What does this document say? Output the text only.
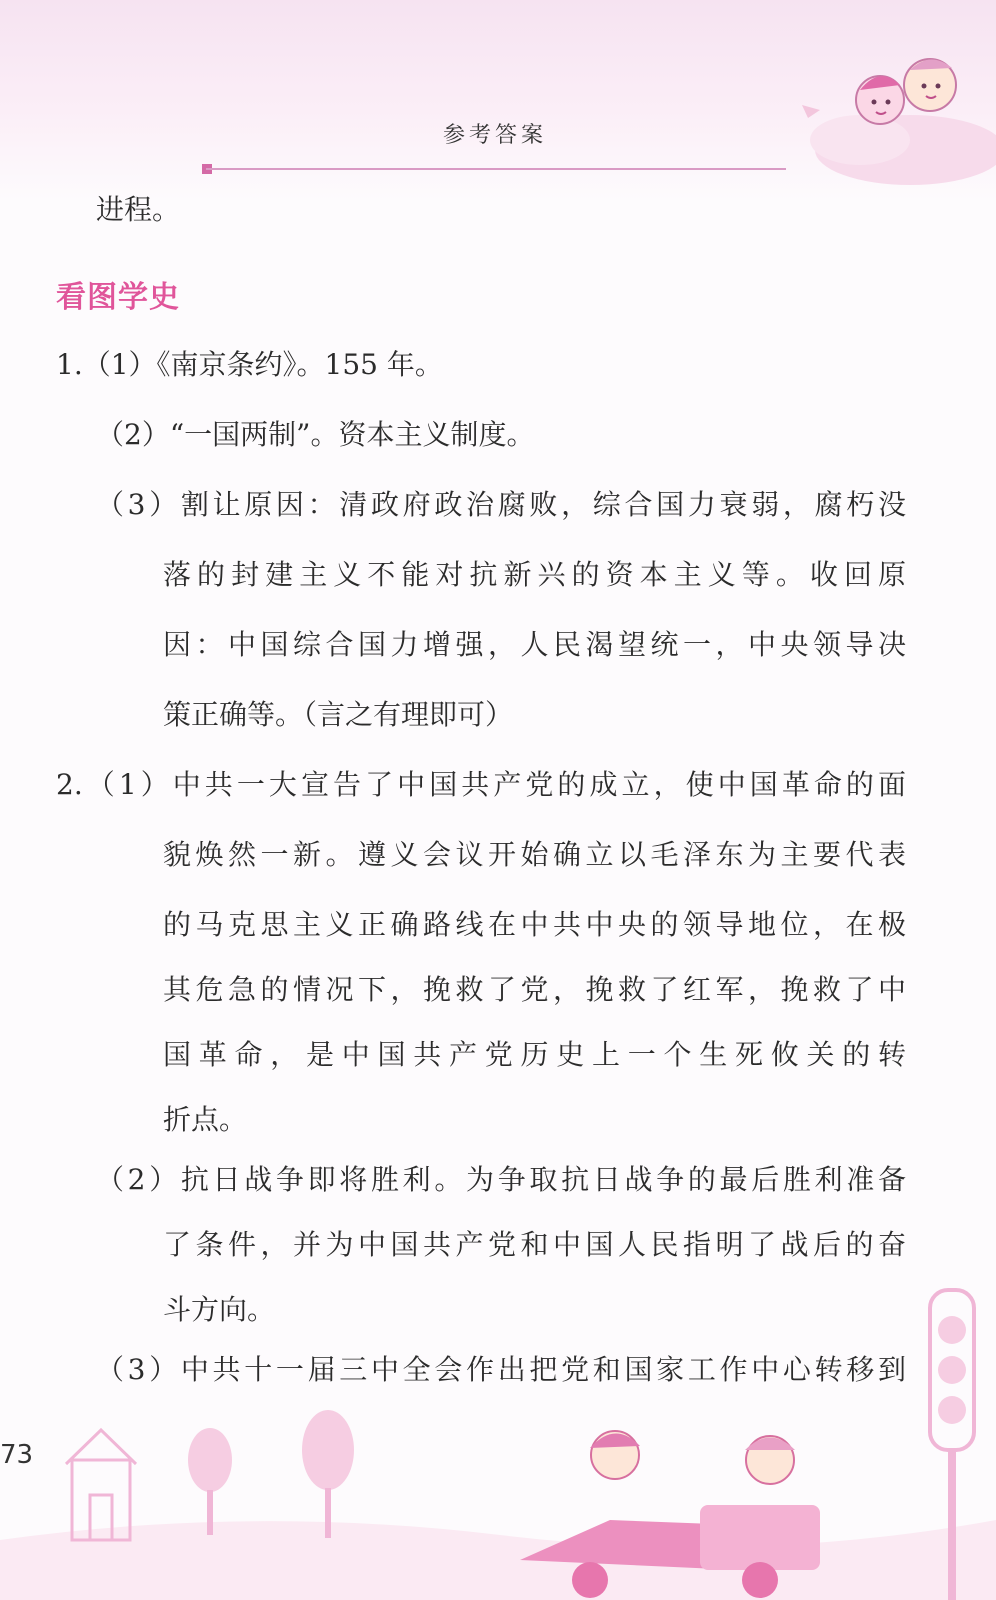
参考答案
进程。
看图学史
1.（1）《南京条约》。155 年。
（2）“一国两制”。资本主义制度。
（3）割让原因：清政府政治腐败，综合国力衰弱，腐朽没
落的封建主义不能对抗新兴的资本主义等。收回原
因：中国综合国力增强，人民渴望统一，中央领导决
策正确等。（言之有理即可）
2.（1）中共一大宣告了中国共产党的成立，使中国革命的面
貌焕然一新。遵义会议开始确立以毛泽东为主要代表
的马克思主义正确路线在中共中央的领导地位，在极
其危急的情况下，挽救了党，挽救了红军，挽救了中
国革命，是中国共产党历史上一个生死攸关的转
折点。
（2）抗日战争即将胜利。为争取抗日战争的最后胜利准备
了条件，并为中国共产党和中国人民指明了战后的奋
斗方向。
（3）中共十一届三中全会作出把党和国家工作中心转移到
73
